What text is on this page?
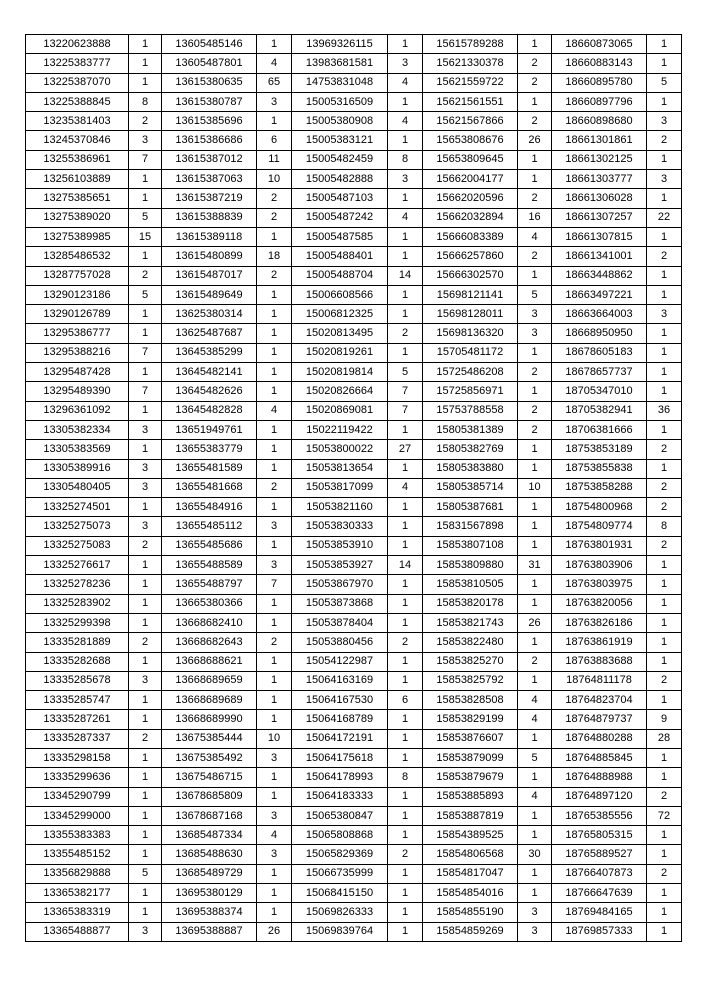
13220623888	1	13605485146	1	13969326115	1	15615789288	1	18660873065	1
13225383777	1	13605487801	4	13983681581	3	15621330378	2	18660883143	1
13225387070	1	13615380635	65	14753831048	4	15621559722	2	18660895780	5
13225388845	8	13615380787	3	15005316509	1	15621561551	1	18660897796	1
13235381403	2	13615385696	1	15005380908	4	15621567866	2	18660898680	3
13245370846	3	13615386686	6	15005383121	1	15653808676	26	18661301861	2
13255386961	7	13615387012	11	15005482459	8	15653809645	1	18661302125	1
13256103889	1	13615387063	10	15005482888	3	15662004177	1	18661303777	3
13275385651	1	13615387219	2	15005487103	1	15662020596	2	18661306028	1
13275389020	5	13615388839	2	15005487242	4	15662032894	16	18661307257	22
13275389985	15	13615389118	1	15005487585	1	15666083389	4	18661307815	1
13285486532	1	13615480899	18	15005488401	1	15666257860	2	18661341001	2
13287757028	2	13615487017	2	15005488704	14	15666302570	1	18663448862	1
13290123186	5	13615489649	1	15006608566	1	15698121141	5	18663497221	1
13290126789	1	13625380314	1	15006812325	1	15698128011	3	18663664003	3
13295386777	1	13625487687	1	15020813495	2	15698136320	3	18668950950	1
13295388216	7	13645385299	1	15020819261	1	15705481172	1	18678605183	1
13295487428	1	13645482141	1	15020819814	5	15725486208	2	18678657737	1
13295489390	7	13645482626	1	15020826664	7	15725856971	1	18705347010	1
13296361092	1	13645482828	4	15020869081	7	15753788558	2	18705382941	36
13305382334	3	13651949761	1	15022119422	1	15805381389	2	18706381666	1
13305383569	1	13655383779	1	15053800022	27	15805382769	1	18753853189	2
13305389916	3	13655481589	1	15053813654	1	15805383880	1	18753855838	1
13305480405	3	13655481668	2	15053817099	4	15805385714	10	18753858288	2
13325274501	1	13655484916	1	15053821160	1	15805387681	1	18754800968	2
13325275073	3	13655485112	3	15053830333	1	15831567898	1	18754809774	8
13325275083	2	13655485686	1	15053853910	1	15853807108	1	18763801931	2
13325276617	1	13655488589	3	15053853927	14	15853809880	31	18763803906	1
13325278236	1	13655488797	7	15053867970	1	15853810505	1	18763803975	1
13325283902	1	13665380366	1	15053873868	1	15853820178	1	18763820056	1
13325299398	1	13668682410	1	15053878404	1	15853821743	26	18763826186	1
13335281889	2	13668682643	2	15053880456	2	15853822480	1	18763861919	1
13335282688	1	13668688621	1	15054122987	1	15853825270	2	18763883688	1
13335285678	3	13668689659	1	15064163169	1	15853825792	1	18764811178	2
13335285747	1	13668689689	1	15064167530	6	15853828508	4	18764823704	1
13335287261	1	13668689990	1	15064168789	1	15853829199	4	18764879737	9
13335287337	2	13675385444	10	15064172191	1	15853876607	1	18764880288	28
13335298158	1	13675385492	3	15064175618	1	15853879099	5	18764885845	1
13335299636	1	13675486715	1	15064178993	8	15853879679	1	18764888988	1
13345290799	1	13678685809	1	15064183333	1	15853885893	4	18764897120	2
13345299000	1	13678687168	3	15065380847	1	15853887819	1	18765385556	72
13355383383	1	13685487334	4	15065808868	1	15854389525	1	18765805315	1
13355485152	1	13685488630	3	15065829369	2	15854806568	30	18765889527	1
13356829888	5	13685489729	1	15066735999	1	15854817047	1	18766407873	2
13365382177	1	13695380129	1	15068415150	1	15854854016	1	18766647639	1
13365383319	1	13695388374	1	15069826333	1	15854855190	3	18769484165	1
13365488877	3	13695388887	26	15069839764	1	15854859269	3	18769857333	1
